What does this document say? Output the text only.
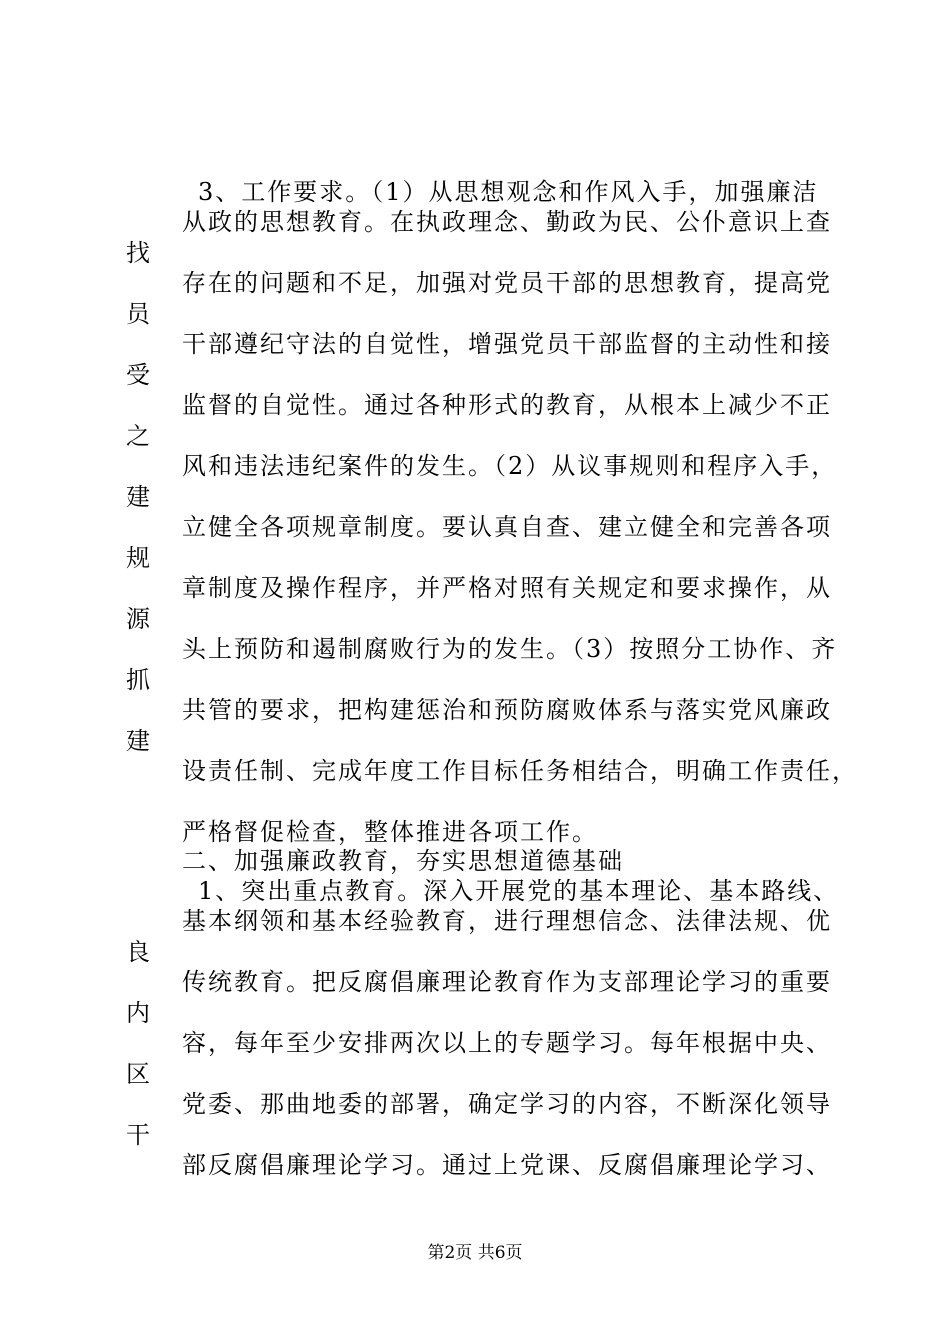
3、工作要求。（1）从思想观念和作风入手，加强廉洁
从政的思想教育。在执政理念、勤政为民、公仆意识上查
存在的问题和不足，加强对党员干部的思想教育，提高党
干部遵纪守法的自觉性，增强党员干部监督的主动性和接
监督的自觉性。通过各种形式的教育，从根本上减少不正
风和违法违纪案件的发生。（2）从议事规则和程序入手，
立健全各项规章制度。要认真自查、建立健全和完善各项
章制度及操作程序，并严格对照有关规定和要求操作，从
头上预防和遏制腐败行为的发生。（3）按照分工协作、齐
共管的要求，把构建惩治和预防腐败体系与落实党风廉政
设责任制、完成年度工作目标任务相结合，明确工作责任，
严格督促检查，整体推进各项工作。
找
员
受
之
建
规
源
抓
建
二、加强廉政教育，夯实思想道德基础
1、突出重点教育。深入开展党的基本理论、基本路线、
基本纲领和基本经验教育，进行理想信念、法律法规、优
传统教育。把反腐倡廉理论教育作为支部理论学习的重要
容，每年至少安排两次以上的专题学习。每年根据中央、
党委、那曲地委的部署，确定学习的内容，不断深化领导
部反腐倡廉理论学习。通过上党课、反腐倡廉理论学习、
良
内
区
干
第2页 共6页
